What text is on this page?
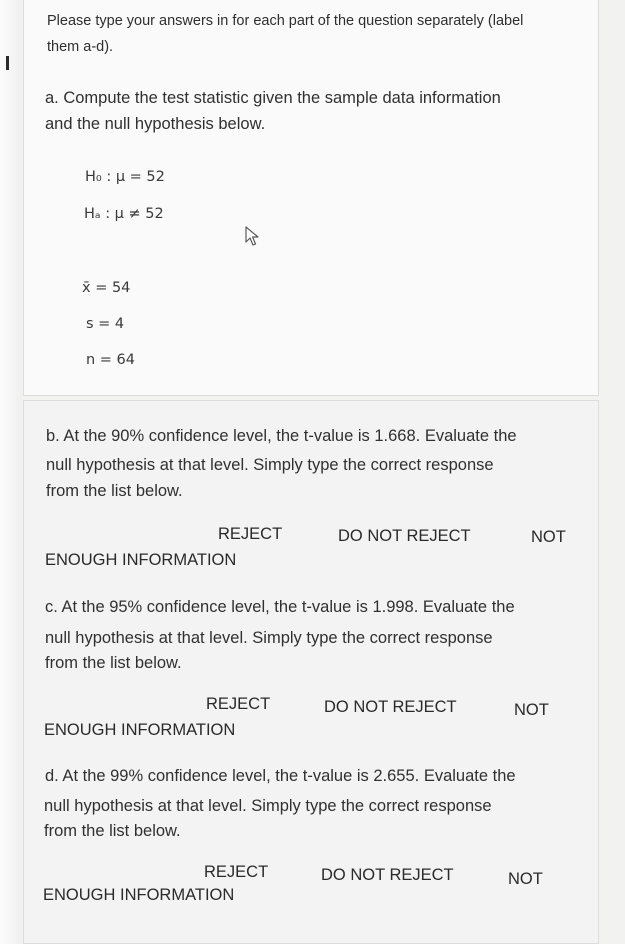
Please type your answers in for each part of the question separately (label
them a-d).
a. Compute the test statistic given the sample data information
and the null hypothesis below.
H₀ : μ = 52
Hₐ : μ ≠ 52
x̄ = 54
s = 4
n = 64
b. At the 90% confidence level, the t-value is 1.668. Evaluate the
null hypothesis at that level. Simply type the correct response
from the list below.
REJECT	DO NOT REJECT	NOT
ENOUGH INFORMATION
c. At the 95% confidence level, the t-value is 1.998. Evaluate the
null hypothesis at that level. Simply type the correct response
from the list below.
REJECT	DO NOT REJECT	NOT
ENOUGH INFORMATION
d. At the 99% confidence level, the t-value is 2.655. Evaluate the
null hypothesis at that level. Simply type the correct response
from the list below.
REJECT	DO NOT REJECT	NOT
ENOUGH INFORMATION
